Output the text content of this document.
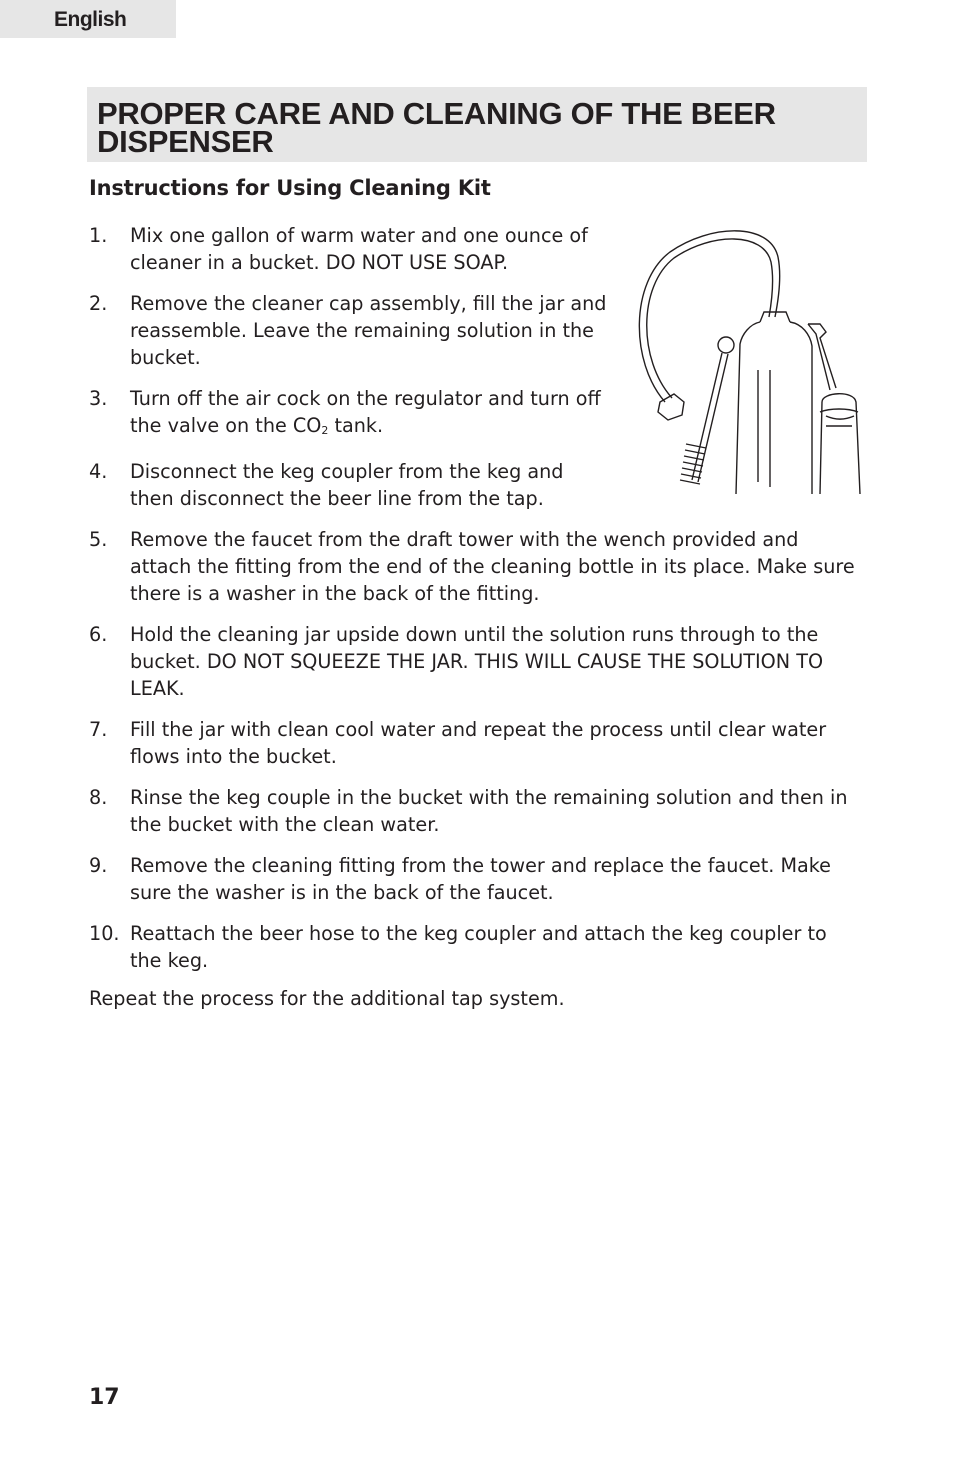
English
PROPER CARE AND CLEANING OF THE BEER DISPENSER
Instructions for Using Cleaning Kit

1. Mix one gallon of warm water and one ounce of cleaner in a bucket. DO NOT USE SOAP.

2. Remove the cleaner cap assembly, fill the jar and reassemble. Leave the remaining solution in the bucket.

3. Turn off the air cock on the regulator and turn off the valve on the $CO_2$ tank.

4. Disconnect the keg coupler from the keg and then disconnect the beer line from the tap.

5. Remove the faucet from the draft tower with the wench provided and attach the fitting from the end of the cleaning bottle in its place. Make sure there is a washer in the back of the fitting.

6. Hold the cleaning jar upside down until the solution runs through to the bucket. DO NOT SQUEEZE THE JAR. THIS WILL CAUSE THE SOLUTION TO LEAK.

7. Fill the jar with clean cool water and repeat the process until clear water flows into the bucket.

8. Rinse the keg couple in the bucket with the remaining solution and then in the bucket with the clean water.

9. Remove the cleaning fitting from the tower and replace the faucet. Make sure the washer is in the back of the faucet.

10. Reattach the beer hose to the keg coupler and attach the keg coupler to the keg.

Repeat the process for the additional tap system.

17
